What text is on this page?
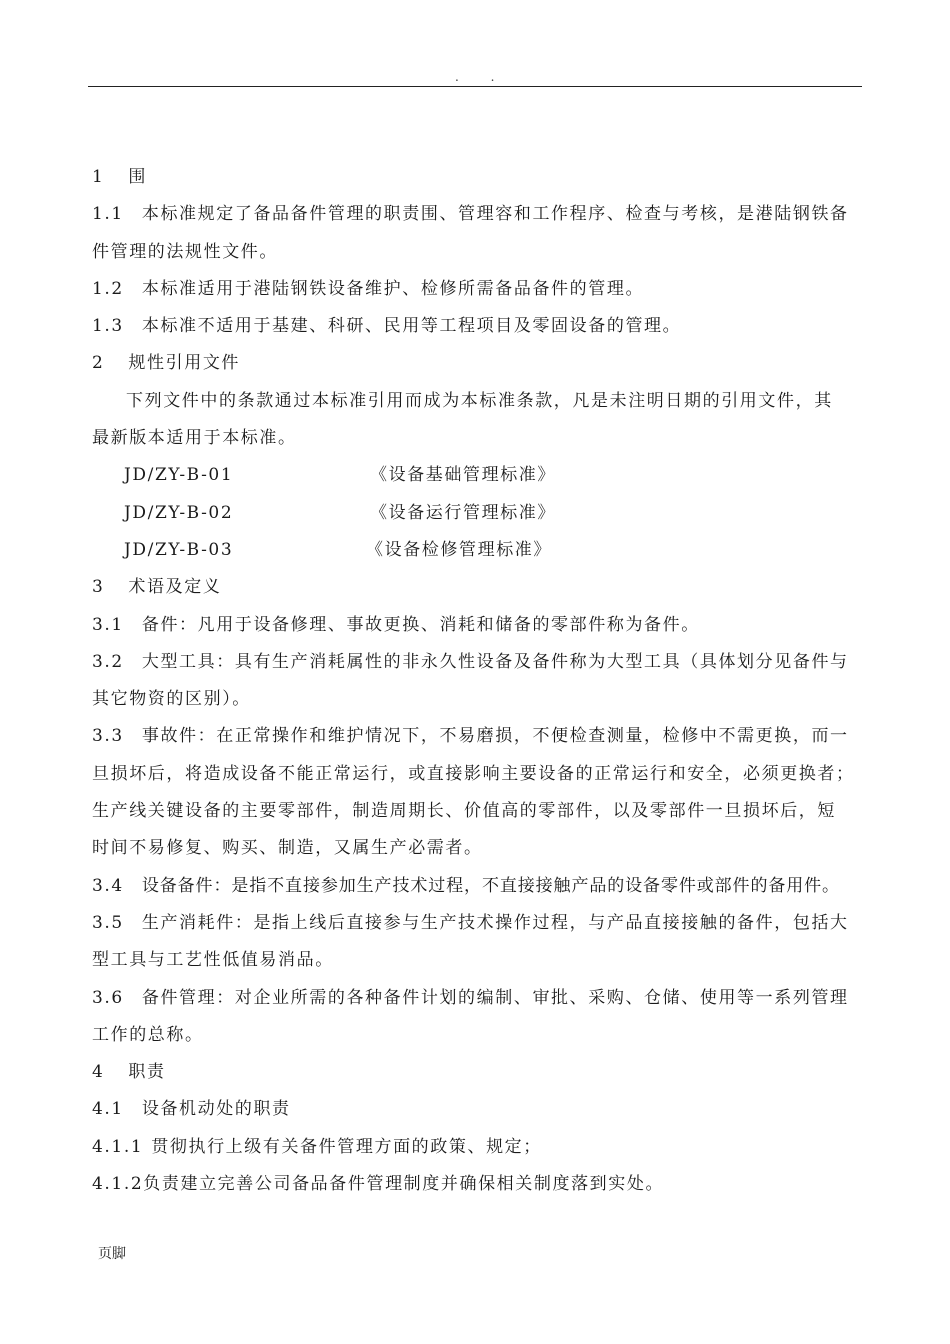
. .
1 围
1.1 本标准规定了备品备件管理的职责围、管理容和工作程序、检查与考核，是港陆钢铁备
件管理的法规性文件。
1.2 本标准适用于港陆钢铁设备维护、检修所需备品备件的管理。
1.3 本标准不适用于基建、科研、民用等工程项目及零固设备的管理。
2 规性引用文件
下列文件中的条款通过本标准引用而成为本标准条款，凡是未注明日期的引用文件，其
最新版本适用于本标准。
JD/ZY-B-01	《设备基础管理标准》
JD/ZY-B-02	《设备运行管理标准》
JD/ZY-B-03	《设备检修管理标准》
3 术语及定义
3.1 备件：凡用于设备修理、事故更换、消耗和储备的零部件称为备件。
3.2 大型工具：具有生产消耗属性的非永久性设备及备件称为大型工具（具体划分见备件与
其它物资的区别）。
3.3 事故件：在正常操作和维护情况下，不易磨损，不便检查测量，检修中不需更换，而一
旦损坏后，将造成设备不能正常运行，或直接影响主要设备的正常运行和安全，必须更换者；
生产线关键设备的主要零部件，制造周期长、价值高的零部件，以及零部件一旦损坏后，短
时间不易修复、购买、制造，又属生产必需者。
3.4 设备备件：是指不直接参加生产技术过程，不直接接触产品的设备零件或部件的备用件。
3.5 生产消耗件：是指上线后直接参与生产技术操作过程，与产品直接接触的备件，包括大
型工具与工艺性低值易消品。
3.6 备件管理：对企业所需的各种备件计划的编制、审批、采购、仓储、使用等一系列管理
工作的总称。
4 职责
4.1 设备机动处的职责
4.1.1 贯彻执行上级有关备件管理方面的政策、规定；
4.1.2负责建立完善公司备品备件管理制度并确保相关制度落到实处。
页脚
